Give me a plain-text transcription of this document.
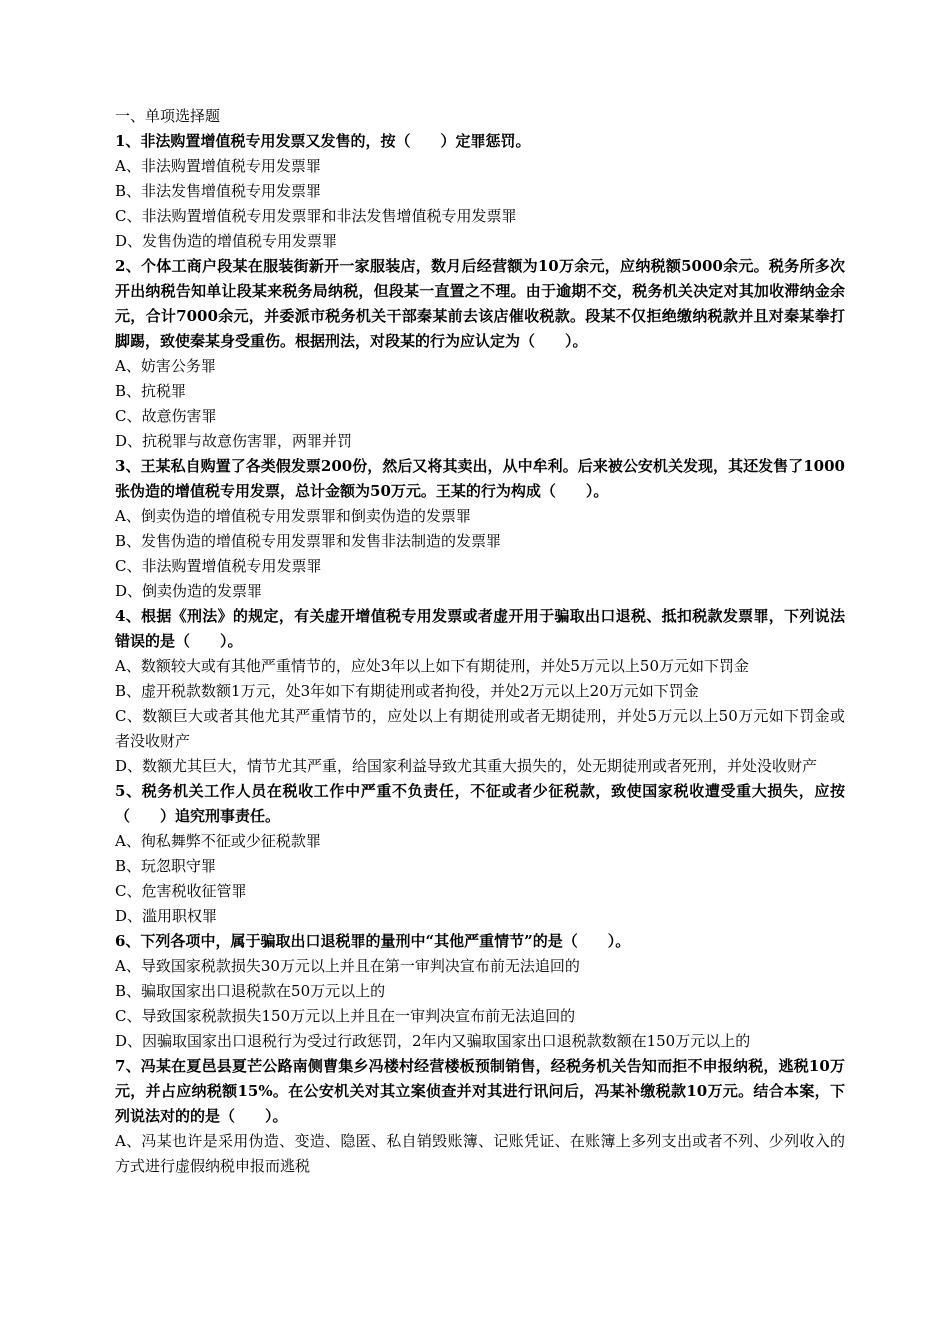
一、单项选择题

1、非法购置增值税专用发票又发售的，按（　　）定罪惩罚。

A、非法购置增值税专用发票罪

B、非法发售增值税专用发票罪

C、非法购置增值税专用发票罪和非法发售增值税专用发票罪

D、发售伪造的增值税专用发票罪

2、个体工商户段某在服装街新开一家服装店，数月后经营额为10万余元，应纳税额5000余元。税务所多次开出纳税告知单让段某来税务局纳税，但段某一直置之不理。由于逾期不交，税务机关决定对其加收滞纳金余元，合计7000余元，并委派市税务机关干部秦某前去该店催收税款。段某不仅拒绝缴纳税款并且对秦某拳打脚踢，致使秦某身受重伤。根据刑法，对段某的行为应认定为（　　）。

A、妨害公务罪

B、抗税罪

C、故意伤害罪

D、抗税罪与故意伤害罪，两罪并罚

3、王某私自购置了各类假发票200份，然后又将其卖出，从中牟利。后来被公安机关发现，其还发售了1000张伪造的增值税专用发票，总计金额为50万元。王某的行为构成（　　）。

A、倒卖伪造的增值税专用发票罪和倒卖伪造的发票罪

B、发售伪造的增值税专用发票罪和发售非法制造的发票罪

C、非法购置增值税专用发票罪

D、倒卖伪造的发票罪

4、根据《刑法》的规定，有关虚开增值税专用发票或者虚开用于骗取出口退税、抵扣税款发票罪，下列说法错误的是（　　）。

A、数额较大或有其他严重情节的，应处3年以上如下有期徒刑，并处5万元以上50万元如下罚金

B、虚开税款数额1万元，处3年如下有期徒刑或者拘役，并处2万元以上20万元如下罚金

C、数额巨大或者其他尤其严重情节的，应处以上有期徒刑或者无期徒刑，并处5万元以上50万元如下罚金或者没收财产

D、数额尤其巨大，情节尤其严重，给国家利益导致尤其重大损失的，处无期徒刑或者死刑，并处没收财产

5、税务机关工作人员在税收工作中严重不负责任，不征或者少征税款，致使国家税收遭受重大损失，应按（　　）追究刑事责任。

A、徇私舞弊不征或少征税款罪

B、玩忽职守罪

C、危害税收征管罪

D、滥用职权罪

6、下列各项中，属于骗取出口退税罪的量刑中“其他严重情节”的是（　　）。

A、导致国家税款损失30万元以上并且在第一审判决宣布前无法追回的

B、骗取国家出口退税款在50万元以上的

C、导致国家税款损失150万元以上并且在一审判决宣布前无法追回的

D、因骗取国家出口退税行为受过行政惩罚，2年内又骗取国家出口退税款数额在150万元以上的

7、冯某在夏邑县夏芒公路南侧曹集乡冯楼村经营楼板预制销售，经税务机关告知而拒不申报纳税，逃税10万元，并占应纳税额15%。在公安机关对其立案侦查并对其进行讯问后，冯某补缴税款10万元。结合本案，下列说法对的的是（　　）。

A、冯某也许是采用伪造、变造、隐匿、私自销毁账簿、记账凭证、在账簿上多列支出或者不列、少列收入的方式进行虚假纳税申报而逃税
